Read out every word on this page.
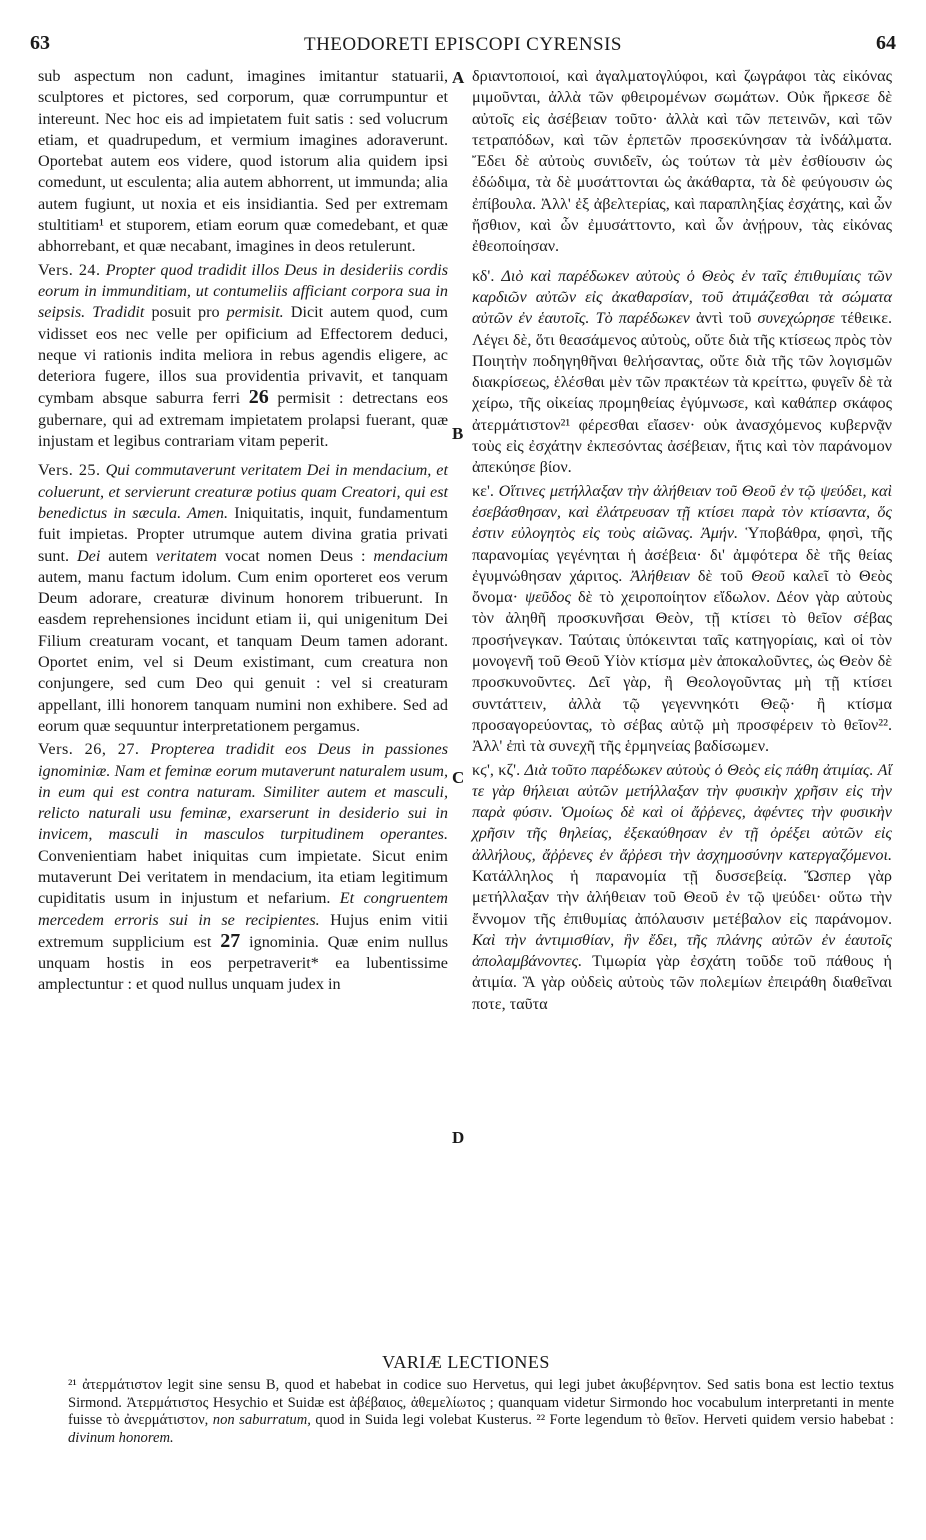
63	THEODORETI EPISCOPI CYRENSIS	64
A
B
C
D

sub aspectum non cadunt, imagines imitantur statuarii, sculptores et pictores, sed corporum, quæ corrumpuntur et intereunt. Nec hoc eis ad impietatem fuit satis : sed volucrum etiam, et quadrupedum, et vermium imagines adoraverunt. Oportebat autem eos videre, quod istorum alia quidem ipsi comedunt, ut esculenta; alia autem abhorrent, ut immunda; alia autem fugiunt, ut noxia et eis insidiantia. Sed per extremam stultitiam¹ et stuporem, etiam eorum quæ comedebant, et quæ abhorrebant, et quæ necabant, imagines in deos retulerunt.

Vers. 24. Propter quod tradidit illos Deus in desideriis cordis eorum in immunditiam, ut contumeliis afficiant corpora sua in seipsis. Tradidit posuit pro permisit. Dicit autem quod, cum vidisset eos nec velle per opificium ad Effectorem deduci, neque vi rationis indita meliora in rebus agendis eligere, ac deteriora fugere, illos sua providentia privavit, et tanquam cymbam absque saburra ferri 26 permisit : detrectans eos gubernare, qui ad extremam impietatem prolapsi fuerant, quæ injustam et legibus contrariam vitam peperit.

Vers. 25. Qui commutaverunt veritatem Dei in mendacium, et coluerunt, et servierunt creaturæ potius quam Creatori, qui est benedictus in sæcula. Amen. Iniquitatis, inquit, fundamentum fuit impietas. Propter utrumque autem divina gratia privati sunt. Dei autem veritatem vocat nomen Deus : mendacium autem, manu factum idolum. Cum enim oporteret eos verum Deum adorare, creaturæ divinum honorem tribuerunt. In easdem reprehensiones incidunt etiam ii, qui unigenitum Dei Filium creaturam vocant, et tanquam Deum tamen adorant. Oportet enim, vel si Deum existimant, cum creatura non conjungere, sed cum Deo qui genuit : vel si creaturam appellant, illi honorem tanquam numini non exhibere. Sed ad eorum quæ sequuntur interpretationem pergamus.

Vers. 26, 27. Propterea tradidit eos Deus in passiones ignominiæ. Nam et feminæ eorum mutaverunt naturalem usum, in eum qui est contra naturam. Similiter autem et masculi, relicto naturali usu feminæ, exarserunt in desiderio sui in invicem, masculi in masculos turpitudinem operantes. Convenientiam habet iniquitas cum impietate. Sicut enim mutaverunt Dei veritatem in mendacium, ita etiam legitimum cupiditatis usum in injustum et nefarium. Et congruentem mercedem erroris sui in se recipientes. Hujus enim vitii extremum supplicium est 27 ignominia. Quæ enim nullus unquam hostis in eos perpetraverit* ea lubentissime amplectuntur : et quod nullus unquam judex in

δριαντοποιοί, καὶ ἀγαλματογλύφοι, καὶ ζωγράφοι τὰς εἰκόνας μιμοῦνται, ἀλλὰ τῶν φθειρομένων σωμάτων. Οὐκ ἤρκεσε δὲ αὐτοῖς εἰς ἀσέβειαν τοῦτο· ἀλλὰ καὶ τῶν πετεινῶν, καὶ τῶν τετραπόδων, καὶ τῶν ἑρπετῶν προσεκύνησαν τὰ ἰνδάλματα. Ἔδει δὲ αὐτοὺς συνιδεῖν, ὡς τούτων τὰ μὲν ἐσθίουσιν ὡς ἐδώδιμα, τὰ δὲ μυσάττονται ὡς ἀκάθαρτα, τὰ δὲ φεύγουσιν ὡς ἐπίβουλα. Ἀλλ' ἐξ ἀβελτερίας, καὶ παραπληξίας ἐσχάτης, καὶ ὧν ἤσθιον, καὶ ὧν ἐμυσάττοντο, καὶ ὧν ἀνῄρουν, τὰς εἰκόνας ἐθεοποίησαν.

κδ'. Διὸ καὶ παρέδωκεν αὐτοὺς ὁ Θεὸς ἐν ταῖς ἐπιθυμίαις τῶν καρδιῶν αὐτῶν εἰς ἀκαθαρσίαν, τοῦ ἀτιμάζεσθαι τὰ σώματα αὐτῶν ἐν ἑαυτοῖς. Τὸ παρέδωκεν ἀντὶ τοῦ συνεχώρησε τέθεικε. Λέγει δὲ, ὅτι θεασάμενος αὐτοὺς, οὔτε διὰ τῆς κτίσεως πρὸς τὸν Ποιητὴν ποδηγηθῆναι θελήσαντας, οὔτε διὰ τῆς τῶν λογισμῶν διακρίσεως, ἑλέσθαι μὲν τῶν πρακτέων τὰ κρείττω, φυγεῖν δὲ τὰ χείρω, τῆς οἰκείας προμηθείας ἐγύμνωσε, καὶ καθάπερ σκάφος ἀτερμάτιστον²¹ φέρεσθαι εἴασεν· οὐκ ἀνασχόμενος κυβερνᾷν τοὺς εἰς ἐσχάτην ἐκπεσόντας ἀσέβειαν, ἥτις καὶ τὸν παράνομον ἀπεκύησε βίον.

κε'. Οἵτινες μετήλλαξαν τὴν ἀλήθειαν τοῦ Θεοῦ ἐν τῷ ψεύδει, καὶ ἐσεβάσθησαν, καὶ ἐλάτρευσαν τῇ κτίσει παρὰ τὸν κτίσαντα, ὅς ἐστιν εὐλογητὸς εἰς τοὺς αἰῶνας. Ἀμήν. Ὑποβάθρα, φησὶ, τῆς παρανομίας γεγένηται ἡ ἀσέβεια· δι' ἀμφότερα δὲ τῆς θείας ἐγυμνώθησαν χάριτος. Ἀλήθειαν δὲ τοῦ Θεοῦ καλεῖ τὸ Θεὸς ὄνομα· ψεῦδος δὲ τὸ χειροποίητον εἴδωλον. Δέον γὰρ αὐτοὺς τὸν ἀληθῆ προσκυνῆσαι Θεὸν, τῇ κτίσει τὸ θεῖον σέβας προσήνεγκαν. Ταύταις ὑπόκεινται ταῖς κατηγορίαις, καὶ οἱ τὸν μονογενῆ τοῦ Θεοῦ Υἱὸν κτίσμα μὲν ἀποκαλοῦντες, ὡς Θεὸν δὲ προσκυνοῦντες. Δεῖ γὰρ, ἢ Θεολογοῦντας μὴ τῇ κτίσει συντάττειν, ἀλλὰ τῷ γεγεννηκότι Θεῷ· ἢ κτίσμα προσαγορεύοντας, τὸ σέβας αὐτῷ μὴ προσφέρειν τὸ θεῖον²². Ἀλλ' ἐπὶ τὰ συνεχῆ τῆς ἑρμηνείας βαδίσωμεν.

κϛ', κζ'. Διὰ τοῦτο παρέδωκεν αὐτοὺς ὁ Θεὸς εἰς πάθη ἀτιμίας. Αἵ τε γὰρ θήλειαι αὐτῶν μετήλλαξαν τὴν φυσικὴν χρῆσιν εἰς τὴν παρὰ φύσιν. Ὁμοίως δὲ καὶ οἱ ἄῤῥενες, ἀφέντες τὴν φυσικὴν χρῆσιν τῆς θηλείας, ἐξεκαύθησαν ἐν τῇ ὀρέξει αὐτῶν εἰς ἀλλήλους, ἄῤῥενες ἐν ἄῤῥεσι τὴν ἀσχημοσύνην κατεργαζόμενοι. Κατάλληλος ἡ παρανομία τῇ δυσσεβείᾳ. Ὥσπερ γὰρ μετήλλαξαν τὴν ἀλήθειαν τοῦ Θεοῦ ἐν τῷ ψεύδει· οὕτω τὴν ἔννομον τῆς ἐπιθυμίας ἀπόλαυσιν μετέβαλον εἰς παράνομον. Καὶ τὴν ἀντιμισθίαν, ἣν ἔδει, τῆς πλάνης αὐτῶν ἐν ἑαυτοῖς ἀπολαμβάνοντες. Τιμωρία γὰρ ἐσχάτη τοῦδε τοῦ πάθους ἡ ἀτιμία. Ἃ γὰρ οὐδεὶς αὐτοὺς τῶν πολεμίων ἐπειράθη διαθεῖναι ποτε, ταῦτα

VARIÆ LECTIONES
²¹ ἀτερμάτιστον legit sine sensu B, quod et habebat in codice suo Hervetus, qui legi jubet ἀκυβέρνητον. Sed satis bona est lectio textus Sirmond. Ἀτερμάτιστος Hesychio et Suidæ est ἀβέβαιος, ἀθεμελίωτος ; quanquam videtur Sirmondo hoc vocabulum interpretanti in mente fuisse τὸ ἀνερμάτιστον, non saburratum, quod in Suida legi volebat Kusterus. ²² Forte legendum τὸ θεῖον. Herveti quidem versio habebat : divinum honorem.
